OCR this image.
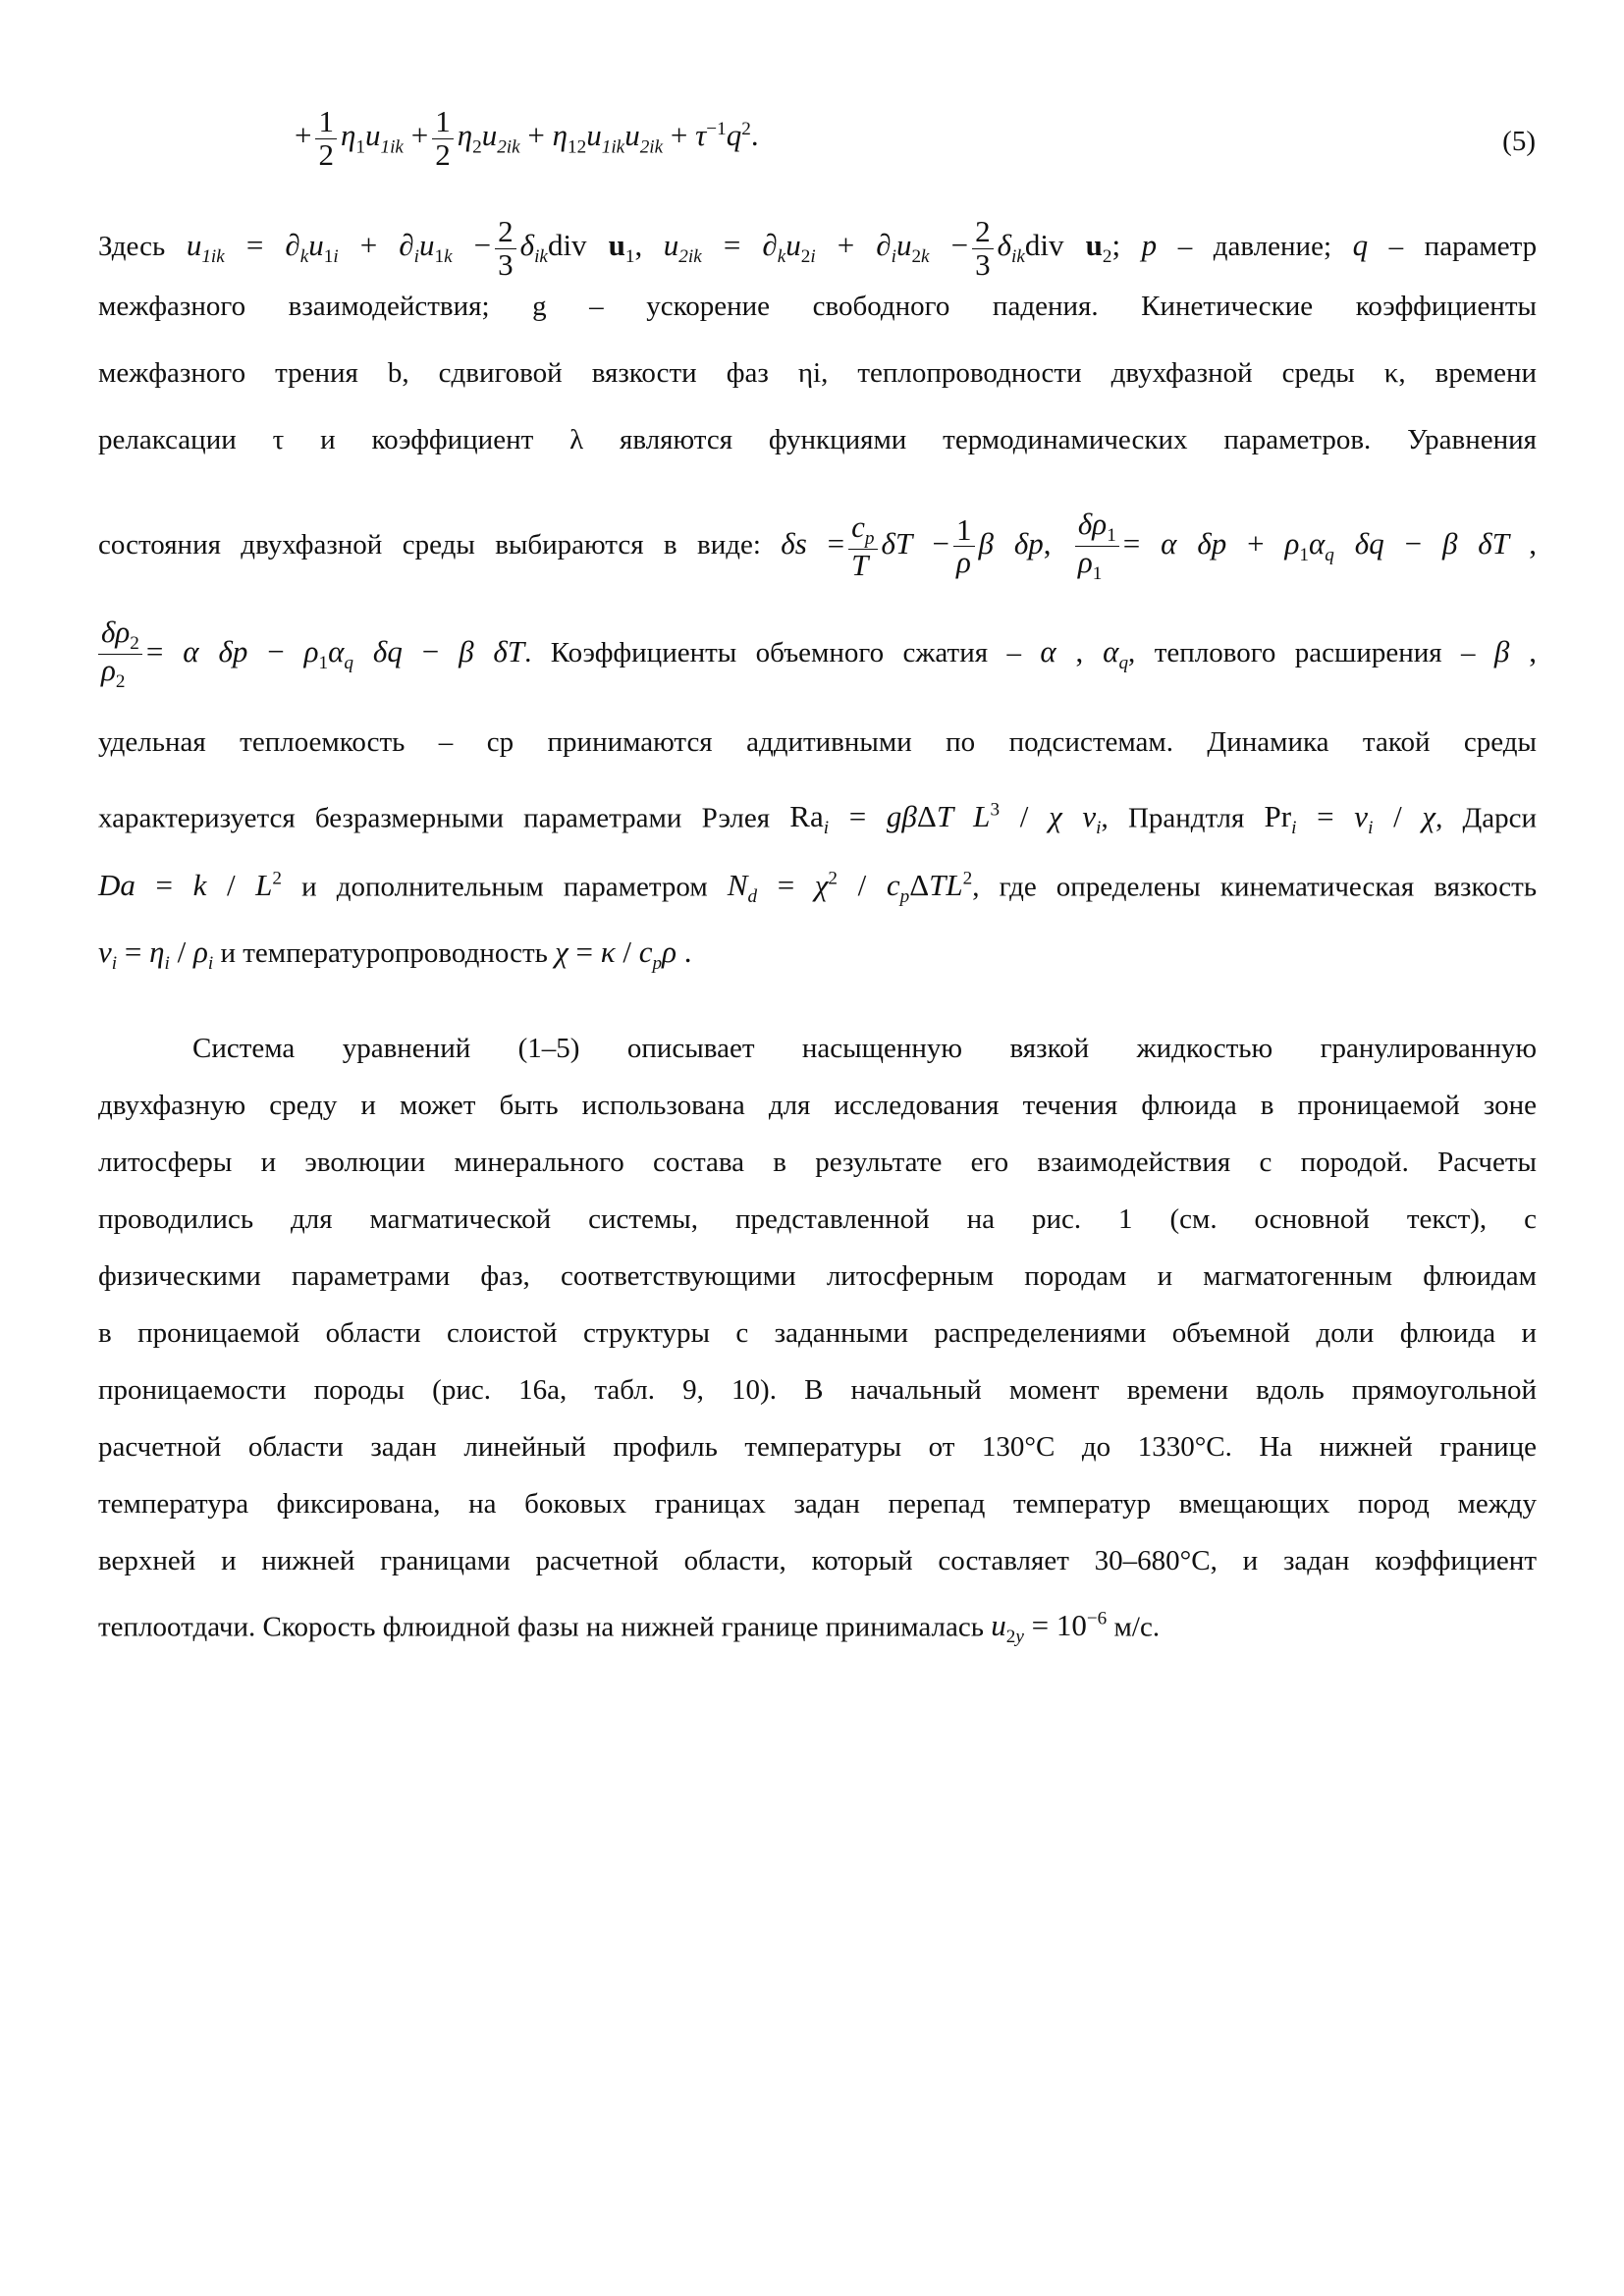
+ $\frac{1}{2} \eta_1u_{1ik} + \frac{1}{2} \eta_2u_{2ik} + \eta_{12}u_{1ik}u_{2ik} + \tau^{-1}q^2$.	(5)
Здесь $u_{1ik} = \partial_ku_{1i} + \partial_iu_{1k} - \frac{2}{3} \delta_{ik}div$ $u_1$, $u_{2ik} = \partial_ku_{2i} + \partial_iu_{2k} - \frac{2}{3} \delta_{ik}div$ $u_2$; p – давление; q – параметр
межфазного взаимодействия; g – ускорение свободного падения. Кинетические коэффициенты
межфазного трения b, сдвиговой вязкости фаз ηi, теплопроводности двухфазной среды κ, времени
релаксации τ и коэффициент λ являются функциями термодинамических параметров. Уравнения
состояния двухфазной среды выбираются в виде: $\delta s = \frac{c_p}{T}$ $\delta T - \frac{1}{\rho}$ β δp, $\frac{\delta\rho_1}{\rho_1} = \alpha$ $\delta p + \rho_1\alpha_q$ δq − β δT ,
$\frac{\delta\rho_2}{\rho_2} = \alpha$ $\delta p - \rho_1\alpha_q$ δq − β δT. Коэффициенты объемного сжатия – α , $\alpha_q$, теплового расширения – β ,
удельная теплоемкость – cp принимаются аддитивными по подсистемам. Динамика такой среды
характеризуется безразмерными параметрами Рэлея $Ra_i = g\beta\Delta T$ $L^3$ / χ $\nu_i$, Прандтля $Pr_i = \nu_i / \chi$, Дарси
$Da = k / L^2$ и дополнительным параметром $N_d = \chi^2 / c_p\Delta TL^2$, где определены кинематическая вязкость
$\nu_i = \eta_i / \rho_i$ и температуропроводность $\chi = \kappa / c_p\rho$ .
Система уравнений (1–5) описывает насыщенную вязкой жидкостью гранулированную
двухфазную среду и может быть использована для исследования течения флюида в проницаемой зоне
литосферы и эволюции минерального состава в результате его взаимодействия с породой. Расчеты
проводились для магматической системы, представленной на рис. 1 (см. основной текст), с
физическими параметрами фаз, соответствующими литосферным породам и магматогенным флюидам
в проницаемой области слоистой структуры с заданными распределениями объемной доли флюида и
проницаемости породы (рис. 16а, табл. 9, 10). В начальный момент времени вдоль прямоугольной
расчетной области задан линейный профиль температуры от 130°С до 1330°С. На нижней границе
температура фиксирована, на боковых границах задан перепад температур вмещающих пород между
верхней и нижней границами расчетной области, который составляет 30–680°С, и задан коэффициент
теплоотдачи. Скорость флюидной фазы на нижней границе принималась $u_{2y} = 10^{-6}$ м/с.
